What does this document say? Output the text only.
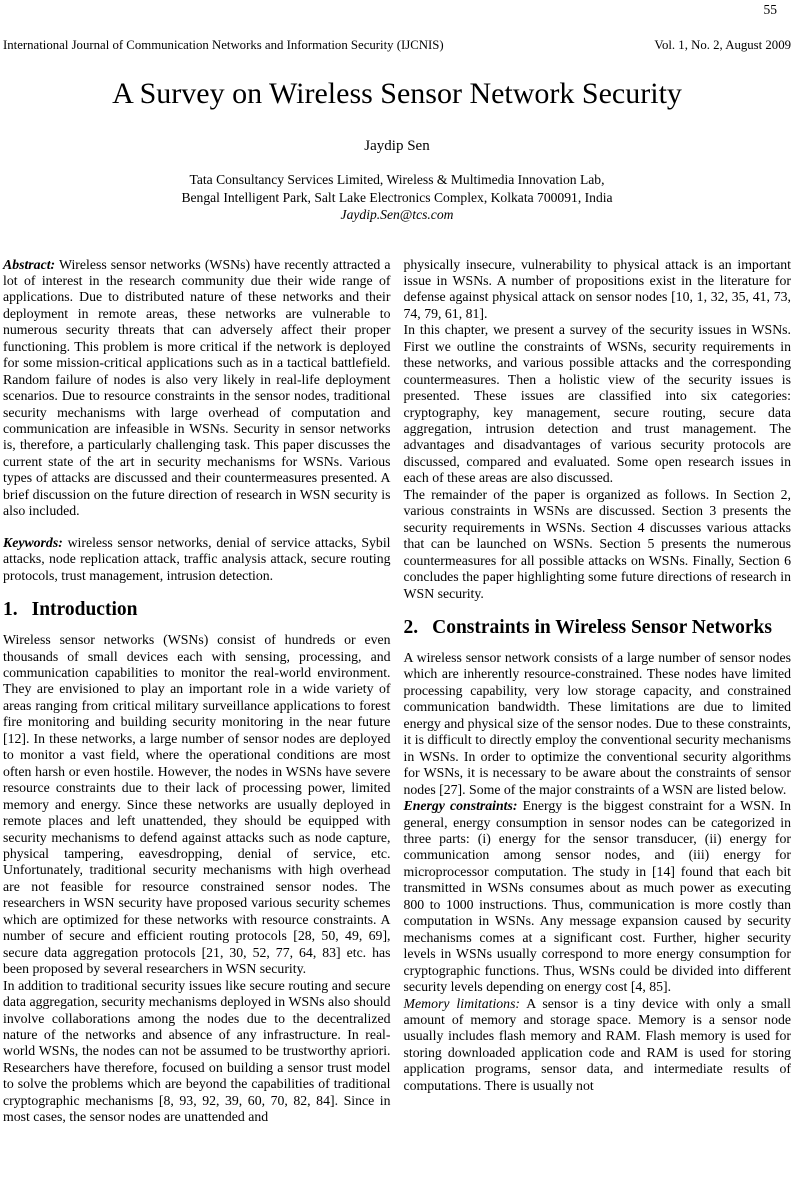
55
International Journal of Communication Networks and Information Security (IJCNIS)	Vol. 1, No. 2, August 2009
A Survey on Wireless Sensor Network Security
Jaydip Sen
Tata Consultancy Services Limited, Wireless & Multimedia Innovation Lab,
Bengal Intelligent Park, Salt Lake Electronics Complex, Kolkata 700091, India
Jaydip.Sen@tcs.com

Abstract: Wireless sensor networks (WSNs) have recently attracted a lot of interest in the research community due their wide range of applications. Due to distributed nature of these networks and their deployment in remote areas, these networks are vulnerable to numerous security threats that can adversely affect their proper functioning. This problem is more critical if the network is deployed for some mission-critical applications such as in a tactical battlefield. Random failure of nodes is also very likely in real-life deployment scenarios. Due to resource constraints in the sensor nodes, traditional security mechanisms with large overhead of computation and communication are infeasible in WSNs. Security in sensor networks is, therefore, a particularly challenging task. This paper discusses the current state of the art in security mechanisms for WSNs. Various types of attacks are discussed and their countermeasures presented. A brief discussion on the future direction of research in WSN security is also included.

Keywords: wireless sensor networks, denial of service attacks, Sybil attacks, node replication attack, traffic analysis attack, secure routing protocols, trust management, intrusion detection.

1. Introduction

Wireless sensor networks (WSNs) consist of hundreds or even thousands of small devices each with sensing, processing, and communication capabilities to monitor the real-world environment. They are envisioned to play an important role in a wide variety of areas ranging from critical military surveillance applications to forest fire monitoring and building security monitoring in the near future [12]. In these networks, a large number of sensor nodes are deployed to monitor a vast field, where the operational conditions are most often harsh or even hostile. However, the nodes in WSNs have severe resource constraints due to their lack of processing power, limited memory and energy. Since these networks are usually deployed in remote places and left unattended, they should be equipped with security mechanisms to defend against attacks such as node capture, physical tampering, eavesdropping, denial of service, etc. Unfortunately, traditional security mechanisms with high overhead are not feasible for resource constrained sensor nodes. The researchers in WSN security have proposed various security schemes which are optimized for these networks with resource constraints. A number of secure and efficient routing protocols [28, 50, 49, 69], secure data aggregation protocols [21, 30, 52, 77, 64, 83] etc. has been proposed by several researchers in WSN security.

In addition to traditional security issues like secure routing and secure data aggregation, security mechanisms deployed in WSNs also should involve collaborations among the nodes due to the decentralized nature of the networks and absence of any infrastructure. In real-world WSNs, the nodes can not be assumed to be trustworthy apriori. Researchers have therefore, focused on building a sensor trust model to solve the problems which are beyond the capabilities of traditional cryptographic mechanisms [8, 93, 92, 39, 60, 70, 82, 84]. Since in most cases, the sensor nodes are unattended and

physically insecure, vulnerability to physical attack is an important issue in WSNs. A number of propositions exist in the literature for defense against physical attack on sensor nodes [10, 1, 32, 35, 41, 73, 74, 79, 61, 81].

In this chapter, we present a survey of the security issues in WSNs. First we outline the constraints of WSNs, security requirements in these networks, and various possible attacks and the corresponding countermeasures. Then a holistic view of the security issues is presented. These issues are classified into six categories: cryptography, key management, secure routing, secure data aggregation, intrusion detection and trust management. The advantages and disadvantages of various security protocols are discussed, compared and evaluated. Some open research issues in each of these areas are also discussed.

The remainder of the paper is organized as follows. In Section 2, various constraints in WSNs are discussed. Section 3 presents the security requirements in WSNs. Section 4 discusses various attacks that can be launched on WSNs. Section 5 presents the numerous countermeasures for all possible attacks on WSNs. Finally, Section 6 concludes the paper highlighting some future directions of research in WSN security.

2. Constraints in Wireless Sensor Networks

A wireless sensor network consists of a large number of sensor nodes which are inherently resource-constrained. These nodes have limited processing capability, very low storage capacity, and constrained communication bandwidth. These limitations are due to limited energy and physical size of the sensor nodes. Due to these constraints, it is difficult to directly employ the conventional security mechanisms in WSNs. In order to optimize the conventional security algorithms for WSNs, it is necessary to be aware about the constraints of sensor nodes [27]. Some of the major constraints of a WSN are listed below.

Energy constraints: Energy is the biggest constraint for a WSN. In general, energy consumption in sensor nodes can be categorized in three parts: (i) energy for the sensor transducer, (ii) energy for communication among sensor nodes, and (iii) energy for microprocessor computation. The study in [14] found that each bit transmitted in WSNs consumes about as much power as executing 800 to 1000 instructions. Thus, communication is more costly than computation in WSNs. Any message expansion caused by security mechanisms comes at a significant cost. Further, higher security levels in WSNs usually correspond to more energy consumption for cryptographic functions. Thus, WSNs could be divided into different security levels depending on energy cost [4, 85].

Memory limitations: A sensor is a tiny device with only a small amount of memory and storage space. Memory is a sensor node usually includes flash memory and RAM. Flash memory is used for storing downloaded application code and RAM is used for storing application programs, sensor data, and intermediate results of computations. There is usually not
